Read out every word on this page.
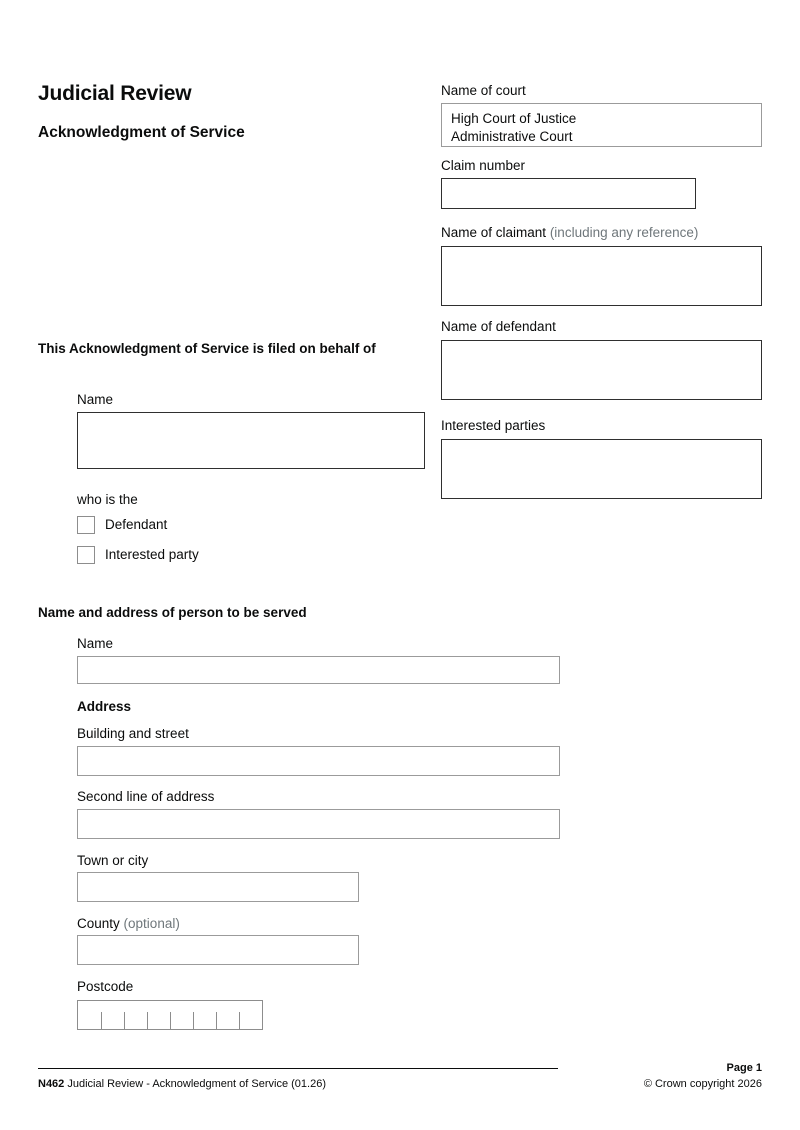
Judicial Review
Acknowledgment of Service
Name of court
High Court of Justice
Administrative Court
Claim number
Name of claimant (including any reference)
Name of defendant
Interested parties
This Acknowledgment of Service is filed on behalf of
Name
who is the
Defendant
Interested party
Name and address of person to be served
Name
Address
Building and street
Second line of address
Town or city
County (optional)
Postcode
N462 Judicial Review - Acknowledgment of Service (01.26)
Page 1
© Crown copyright 2026
